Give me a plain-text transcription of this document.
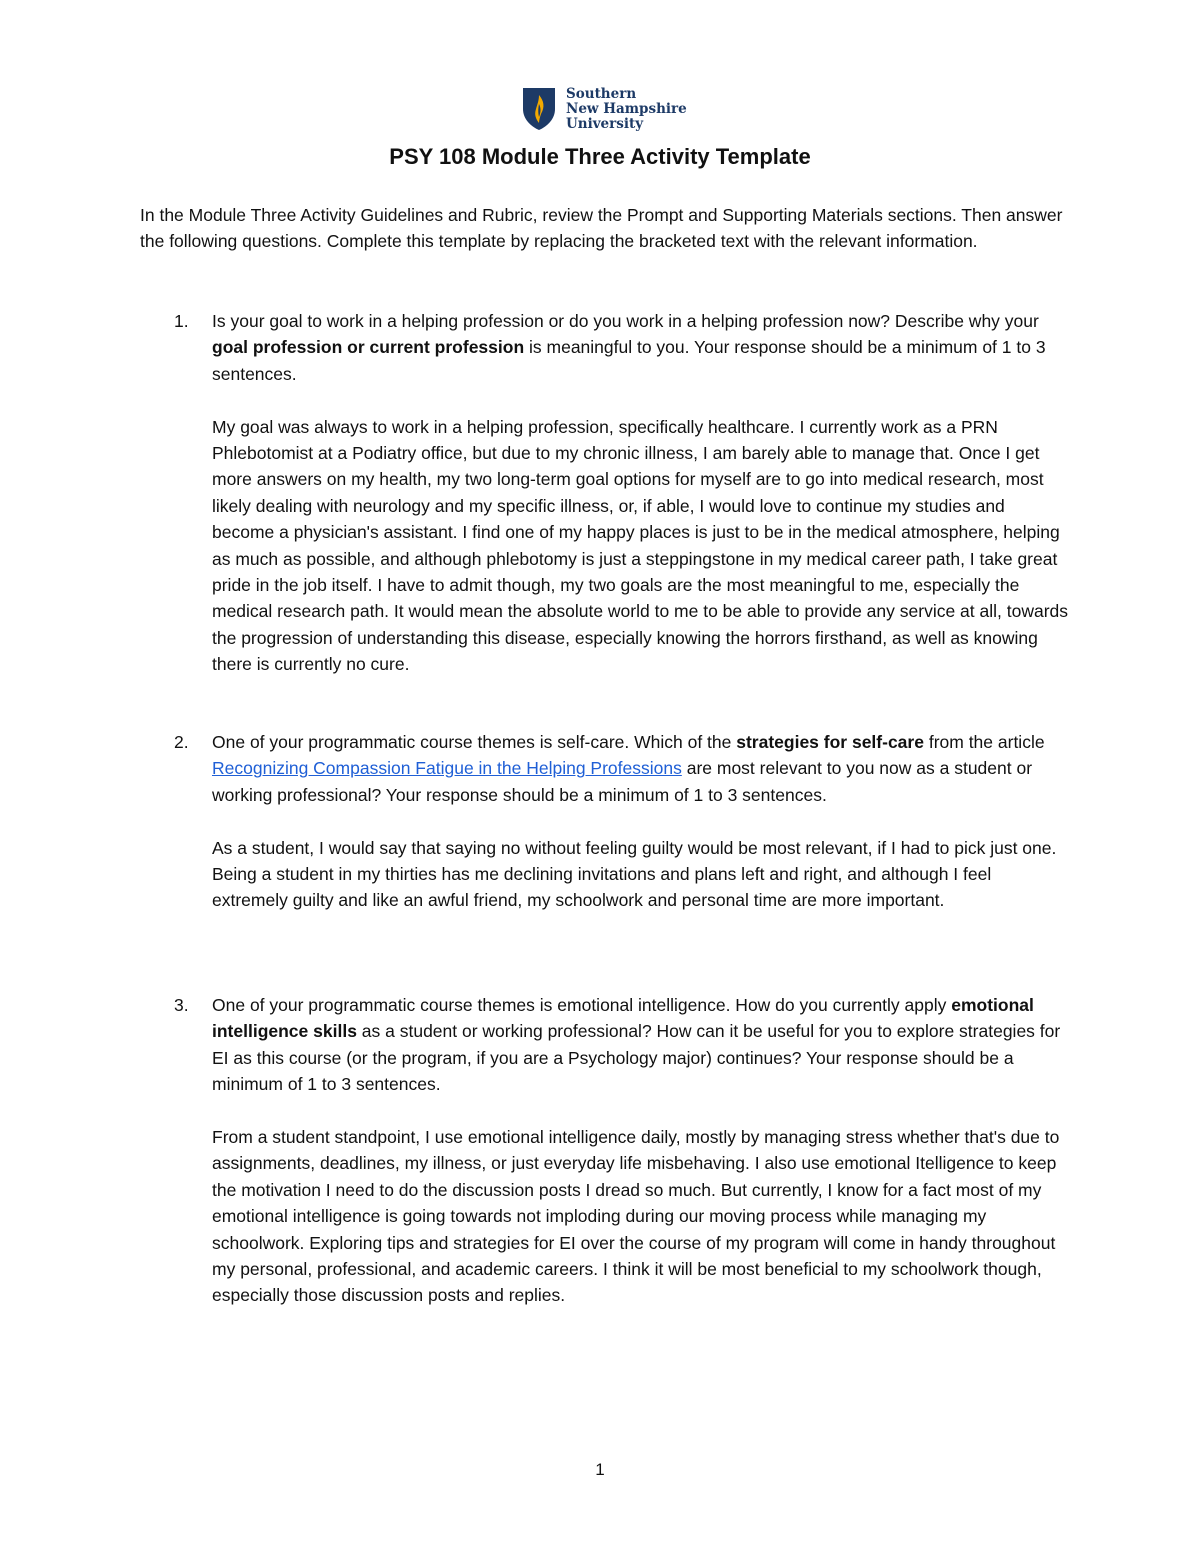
Southern
New Hampshire
University
PSY 108 Module Three Activity Template
In the Module Three Activity Guidelines and Rubric, review the Prompt and Supporting Materials sections. Then answer the following questions. Complete this template by replacing the bracketed text with the relevant information.
1.	Is your goal to work in a helping profession or do you work in a helping profession now? Describe why your goal profession or current profession is meaningful to you. Your response should be a minimum of 1 to 3 sentences.

My goal was always to work in a helping profession, specifically healthcare. I currently work as a PRN Phlebotomist at a Podiatry office, but due to my chronic illness, I am barely able to manage that. Once I get more answers on my health, my two long-term goal options for myself are to go into medical research, most likely dealing with neurology and my specific illness, or, if able, I would love to continue my studies and become a physician's assistant. I find one of my happy places is just to be in the medical atmosphere, helping as much as possible, and although phlebotomy is just a steppingstone in my medical career path, I take great pride in the job itself. I have to admit though, my two goals are the most meaningful to me, especially the medical research path. It would mean the absolute world to me to be able to provide any service at all, towards the progression of understanding this disease, especially knowing the horrors firsthand, as well as knowing there is currently no cure.

2.	One of your programmatic course themes is self-care. Which of the strategies for self-care from the article Recognizing Compassion Fatigue in the Helping Professions are most relevant to you now as a student or working professional? Your response should be a minimum of 1 to 3 sentences.

As a student, I would say that saying no without feeling guilty would be most relevant, if I had to pick just one. Being a student in my thirties has me declining invitations and plans left and right, and although I feel extremely guilty and like an awful friend, my schoolwork and personal time are more important.

3.	One of your programmatic course themes is emotional intelligence. How do you currently apply emotional intelligence skills as a student or working professional? How can it be useful for you to explore strategies for EI as this course (or the program, if you are a Psychology major) continues? Your response should be a minimum of 1 to 3 sentences.

From a student standpoint, I use emotional intelligence daily, mostly by managing stress whether that's due to assignments, deadlines, my illness, or just everyday life misbehaving. I also use emotional Itelligence to keep the motivation I need to do the discussion posts I dread so much. But currently, I know for a fact most of my emotional intelligence is going towards not imploding during our moving process while managing my schoolwork. Exploring tips and strategies for EI over the course of my program will come in handy throughout my personal, professional, and academic careers. I think it will be most beneficial to my schoolwork though, especially those discussion posts and replies.

1
